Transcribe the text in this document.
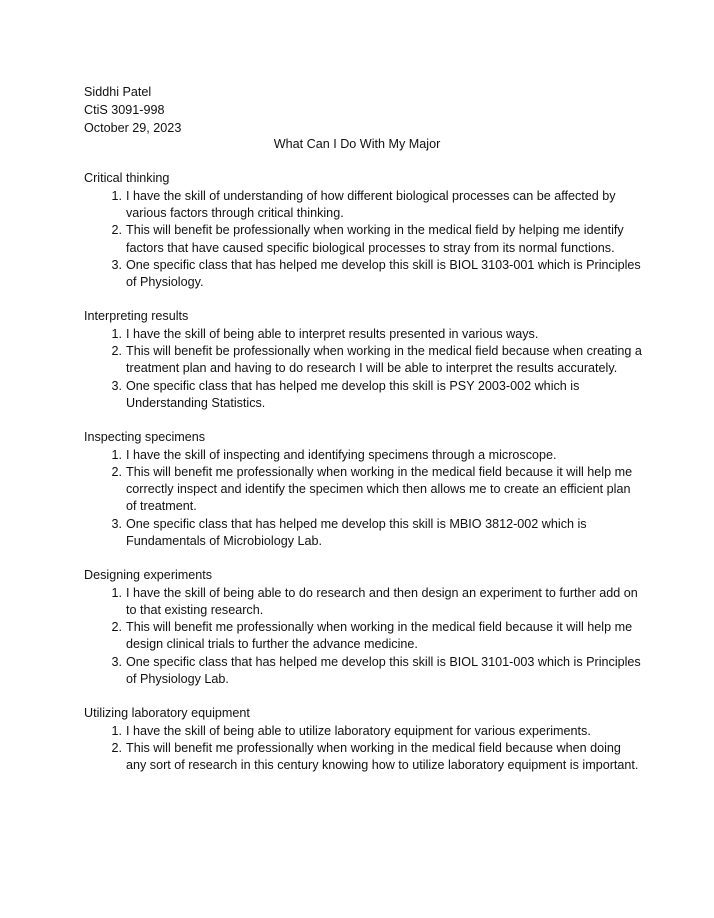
Siddhi Patel
CtiS 3091-998
October 29, 2023
What Can I Do With My Major
Critical thinking
1. I have the skill of understanding of how different biological processes can be affected by various factors through critical thinking.
2. This will benefit be professionally when working in the medical field by helping me identify factors that have caused specific biological processes to stray from its normal functions.
3. One specific class that has helped me develop this skill is BIOL 3103-001 which is Principles of Physiology.
Interpreting results
1. I have the skill of being able to interpret results presented in various ways.
2. This will benefit be professionally when working in the medical field because when creating a treatment plan and having to do research I will be able to interpret the results accurately.
3. One specific class that has helped me develop this skill is PSY 2003-002 which is Understanding Statistics.
Inspecting specimens
1. I have the skill of inspecting and identifying specimens through a microscope.
2. This will benefit me professionally when working in the medical field because it will help me correctly inspect and identify the specimen which then allows me to create an efficient plan of treatment.
3. One specific class that has helped me develop this skill is MBIO 3812-002 which is Fundamentals of Microbiology Lab.
Designing experiments
1. I have the skill of being able to do research and then design an experiment to further add on to that existing research.
2. This will benefit me professionally when working in the medical field because it will help me design clinical trials to further the advance medicine.
3. One specific class that has helped me develop this skill is BIOL 3101-003 which is Principles of Physiology Lab.
Utilizing laboratory equipment
1. I have the skill of being able to utilize laboratory equipment for various experiments.
2. This will benefit me professionally when working in the medical field because when doing any sort of research in this century knowing how to utilize laboratory equipment is important.
